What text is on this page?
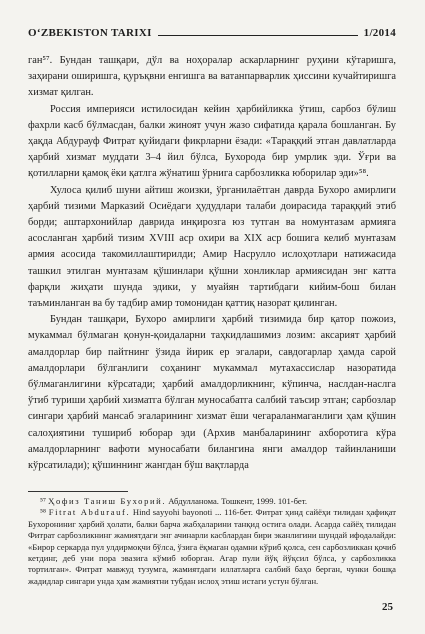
O‘ZBEKISTON TARIXI	1/2014

ган⁵⁷. Бундан ташқари, дўл ва ноҳоралар аскарларнинг руҳини кўтаришга, заҳирани оширишга, қуръқвни енгишга ва ватанпарварлик ҳиссини кучайтиришга хизмат қилган.

Россия империяси истилосидан кейин ҳарбийликка ўтиш, сарбоз бўлиш фахрли касб бўлмасдан, балки жиноят учун жазо сифатида қарала бошланган. Бу ҳақда Абдурауф Фитрат қуйидаги фикрларни ёзади: «Тараққий этган давлатларда ҳарбий хизмат муддати 3–4 йил бўлса, Бухорода бир умрлик эди. Ўғри ва қотилларни қамоқ ёки қатлга жўнатиш ўрнига сарбозликка юборилар эди»⁵⁸.

Хулоса қилиб шуни айтиш жоизки, ўрганилаётган даврда Бухоро амирлиги ҳарбий тизими Марказий Осиёдаги ҳудудлари талаби доирасида тараққий этиб борди; аштархонийлар даврида инқирозга юз тутган ва номунтазам армияга асосланган ҳарбий тизим XVIII аср охири ва XIX аср бошига келиб мунтазам армия асосида такомиллаштирилди; Амир Насрулло ислоҳотлари натижасида ташкил этилган мунтазам қўшинлари қўшни хонликлар армиясидан энг катта фарқли жиҳати шунда эдики, у муайян тартибдаги кийим-бош билан таъминланган ва бу тадбир амир томонидан қаттиқ назорат қилинган.

Бундан ташқари, Бухоро амирлиги ҳарбий тизимида бир қатор пожоиз, мукаммал бўлмаган қонун-қоидаларни таҳкидлашимиз лозим: аксарият ҳарбий амалдорлар бир пайтнинг ўзида йирик ер эгалари, савдогарлар ҳамда сарой амалдорлари бўлганлиги соҳанинг мукаммал мутахассислар назоратида бўлмаганлигини кўрсатади; ҳарбий амалдорликнинг, кўпинча, наслдан-наслга ўтиб туриши ҳарбий хизматга бўлган муносабатга салбий таъсир этган; сарбозлар сингари ҳарбий мансаб эгаларининг хизмат ёши чегараланмаганлиги ҳам қўшин салоҳиятини тушириб юборар эди (Архив манбаларининг ахборотига кўра амалдорларнинг вафоти муносабати билангина янги амалдор тайинланиши кўрсатилади); қўшиннинг жангдан бўш вақтларда

⁵⁷ Ҳофиз Таниш Бухорий. Абдулланома. Тошкент, 1999. 101-бет.

⁵⁸ Fitrat Abdurauf. Hind sayyohi bayonoti ... 116-бет. Фитрат ҳинд сайёҳи тилидан ҳафиқат Бухорониниг ҳарбий ҳолати, балки барча жабҳаларини танқид остига олади. Асарда сайёҳ тилидан Фитрат сарбозликнинг жамиятдаги энг ачинарли касблардан бири эканлигини шундай ифодалайди: «Бирор серкарда пул улдирмоқчи бўлса, ўзига ёқмаган одамни кўриб қолса, сен сарбозликкан қочиб кетдинг, деб уни пора эвазига кўмиб юборган. Агар пули йўқ йўқсил бўлса, у сарбозликка тортилган». Фитрат мавжуд тузумга, жамиятдаги иллатларга салбий баҳо берган, чунки бошқа жадидлар сингари унда ҳам жамиятни тубдан ислоҳ этиш истаги устун бўлган.

25
